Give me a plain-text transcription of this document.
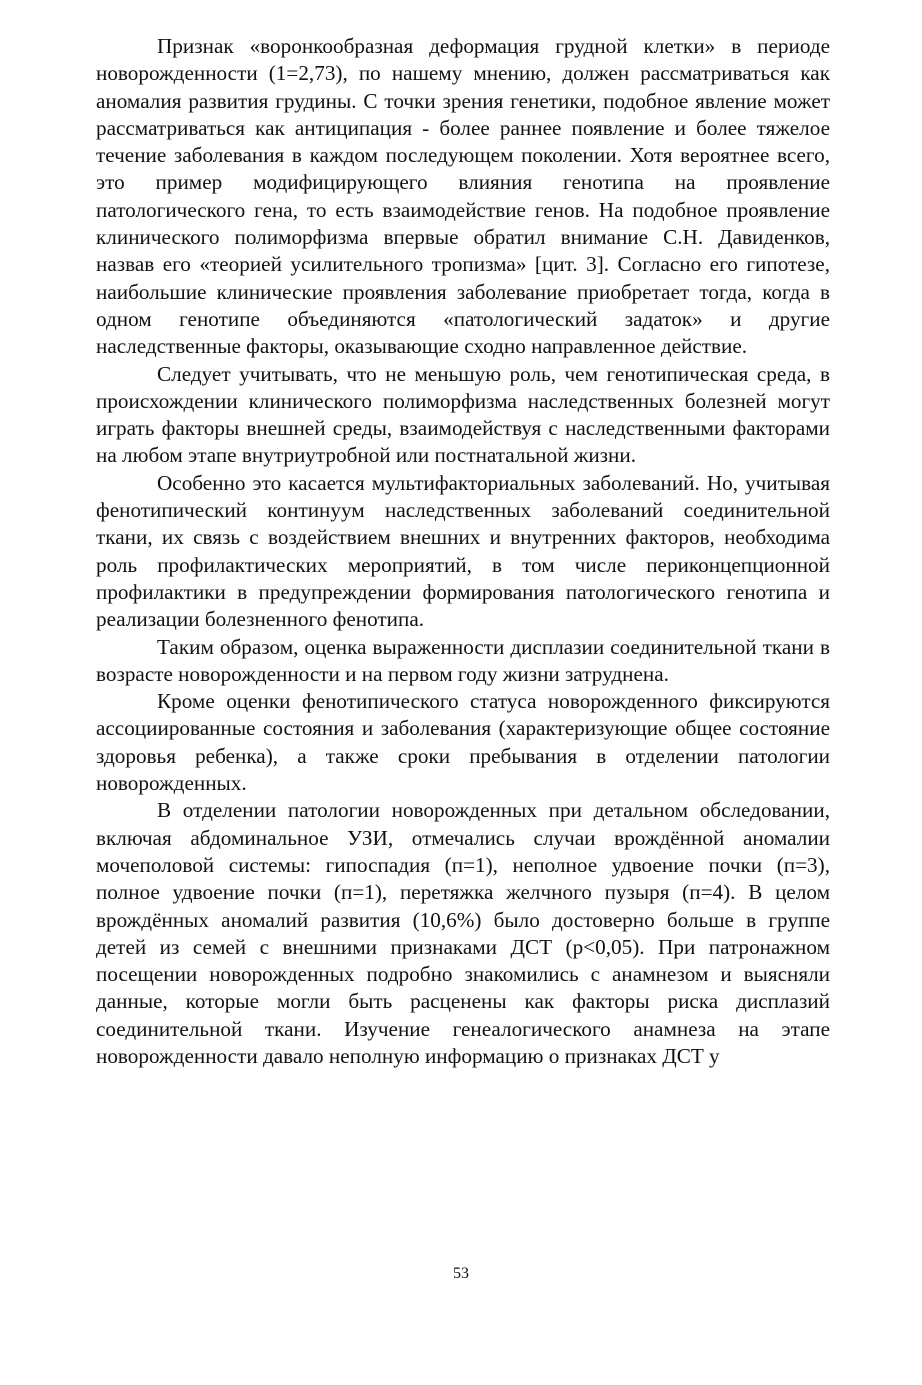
Признак «воронкообразная деформация грудной клетки» в периоде новорожденности (1=2,73), по нашему мнению, должен рассматриваться как аномалия развития грудины. С точки зрения генетики, подобное явление может рассматриваться как антиципация - более раннее появление и более тяжелое течение заболевания в каждом последующем поколении. Хотя вероятнее всего, это пример модифицирующего влияния генотипа на проявление патологического гена, то есть взаимодействие генов. На подобное проявление клинического полиморфизма впервые обратил внимание С.Н. Давиденков, назвав его «теорией усилительного тропизма» [цит. 3]. Согласно его гипотезе, наибольшие клинические проявления заболевание приобретает тогда, когда в одном генотипе объединяются «патологический задаток» и другие наследственные факторы, оказывающие сходно направленное действие.

Следует учитывать, что не меньшую роль, чем генотипическая среда, в происхождении клинического полиморфизма наследственных болезней могут играть факторы внешней среды, взаимодействуя с наследственными факторами на любом этапе внутриутробной или постнатальной жизни.

Особенно это касается мультифакториальных заболеваний. Но, учитывая фенотипический континуум наследственных заболеваний соединительной ткани, их связь с воздействием внешних и внутренних факторов, необходима роль профилактических мероприятий, в том числе периконцепционной профилактики в предупреждении формирования патологического генотипа и реализации болезненного фенотипа.

Таким образом, оценка выраженности дисплазии соединительной ткани в возрасте новорожденности и на первом году жизни затруднена.

Кроме оценки фенотипического статуса новорожденного фиксируются ассоциированные состояния и заболевания (характеризующие общее состояние здоровья ребенка), а также сроки пребывания в отделении патологии новорожденных.

В отделении патологии новорожденных при детальном обследовании, включая абдоминальное УЗИ, отмечались случаи врождённой аномалии мочеполовой системы: гипоспадия (п=1), неполное удвоение почки (п=3), полное удвоение почки (п=1), перетяжка желчного пузыря (п=4). В целом врождённых аномалий развития (10,6%) было достоверно больше в группе детей из семей с внешними признаками ДСТ (р<0,05). При патронажном посещении новорожденных подробно знакомились с анамнезом и выясняли данные, которые могли быть расценены как факторы риска дисплазий соединительной ткани. Изучение генеалогического анамнеза на этапе новорожденности давало неполную информацию о признаках ДСТ у

53
